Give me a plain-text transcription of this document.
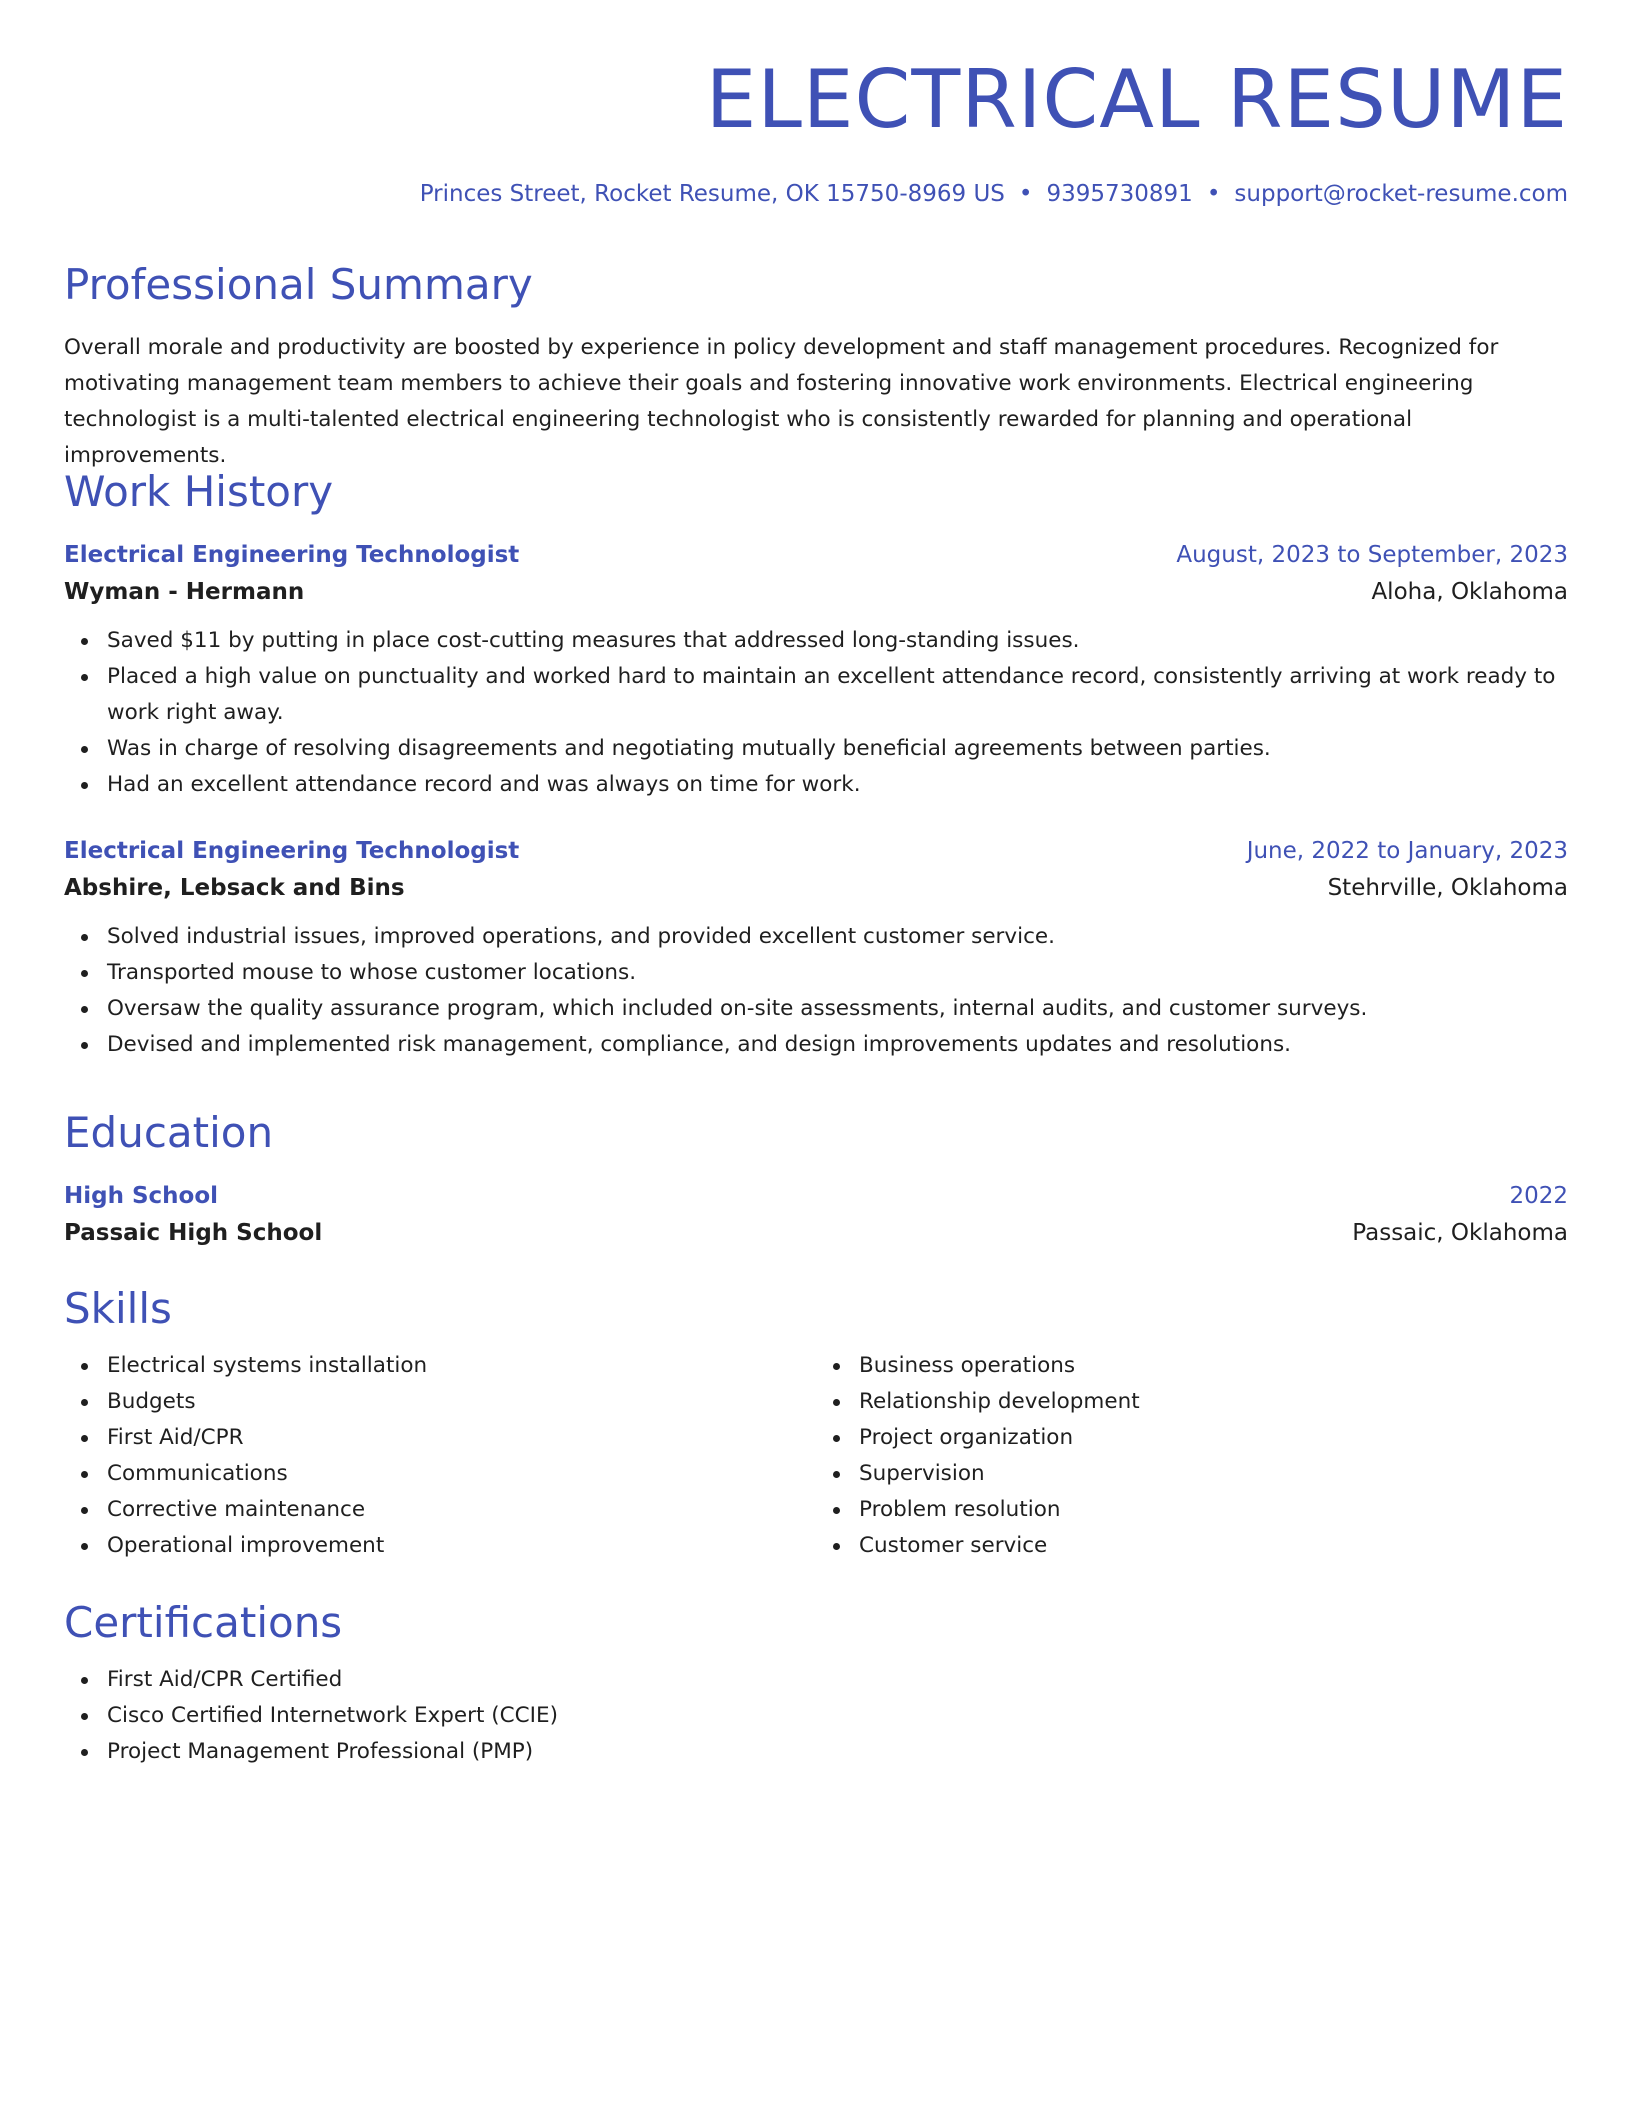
ELECTRICAL RESUME
Princes Street, Rocket Resume, OK 15750-8969 US • 9395730891 • support@rocket-resume.com
Professional Summary

Overall morale and productivity are boosted by experience in policy development and staff management procedures. Recognized for motivating management team members to achieve their goals and fostering innovative work environments. Electrical engineering technologist is a multi-talented electrical engineering technologist who is consistently rewarded for planning and operational improvements.

Work History
Electrical Engineering Technologist	August, 2023 to September, 2023
Wyman - Hermann	Aloha, Oklahoma
Saved $11 by putting in place cost-cutting measures that addressed long-standing issues.
Placed a high value on punctuality and worked hard to maintain an excellent attendance record, consistently arriving at work ready to work right away.
Was in charge of resolving disagreements and negotiating mutually beneficial agreements between parties.
Had an excellent attendance record and was always on time for work.
Electrical Engineering Technologist	June, 2022 to January, 2023
Abshire, Lebsack and Bins	Stehrville, Oklahoma
Solved industrial issues, improved operations, and provided excellent customer service.
Transported mouse to whose customer locations.
Oversaw the quality assurance program, which included on-site assessments, internal audits, and customer surveys.
Devised and implemented risk management, compliance, and design improvements updates and resolutions.
Education
High School	2022
Passaic High School	Passaic, Oklahoma
Skills
Electrical systems installation
Budgets
First Aid/CPR
Communications
Corrective maintenance
Operational improvement
Business operations
Relationship development
Project organization
Supervision
Problem resolution
Customer service
Certifications
First Aid/CPR Certified
Cisco Certified Internetwork Expert (CCIE)
Project Management Professional (PMP)
